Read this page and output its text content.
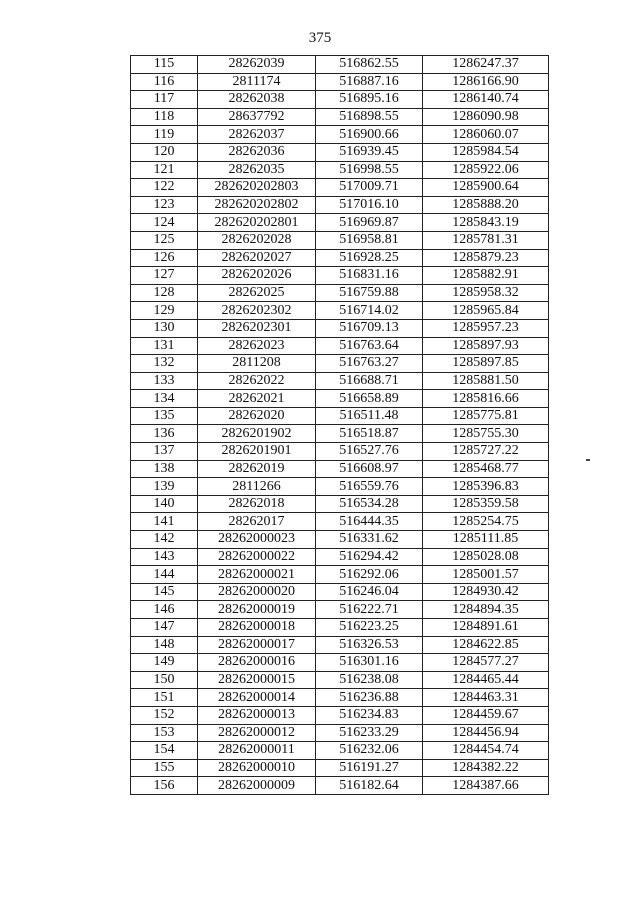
375
115	28262039	516862.55	1286247.37
116	2811174	516887.16	1286166.90
117	28262038	516895.16	1286140.74
118	28637792	516898.55	1286090.98
119	28262037	516900.66	1286060.07
120	28262036	516939.45	1285984.54
121	28262035	516998.55	1285922.06
122	282620202803	517009.71	1285900.64
123	282620202802	517016.10	1285888.20
124	282620202801	516969.87	1285843.19
125	2826202028	516958.81	1285781.31
126	2826202027	516928.25	1285879.23
127	2826202026	516831.16	1285882.91
128	28262025	516759.88	1285958.32
129	2826202302	516714.02	1285965.84
130	2826202301	516709.13	1285957.23
131	28262023	516763.64	1285897.93
132	2811208	516763.27	1285897.85
133	28262022	516688.71	1285881.50
134	28262021	516658.89	1285816.66
135	28262020	516511.48	1285775.81
136	2826201902	516518.87	1285755.30
137	2826201901	516527.76	1285727.22
138	28262019	516608.97	1285468.77
139	2811266	516559.76	1285396.83
140	28262018	516534.28	1285359.58
141	28262017	516444.35	1285254.75
142	28262000023	516331.62	1285111.85
143	28262000022	516294.42	1285028.08
144	28262000021	516292.06	1285001.57
145	28262000020	516246.04	1284930.42
146	28262000019	516222.71	1284894.35
147	28262000018	516223.25	1284891.61
148	28262000017	516326.53	1284622.85
149	28262000016	516301.16	1284577.27
150	28262000015	516238.08	1284465.44
151	28262000014	516236.88	1284463.31
152	28262000013	516234.83	1284459.67
153	28262000012	516233.29	1284456.94
154	28262000011	516232.06	1284454.74
155	28262000010	516191.27	1284382.22
156	28262000009	516182.64	1284387.66
